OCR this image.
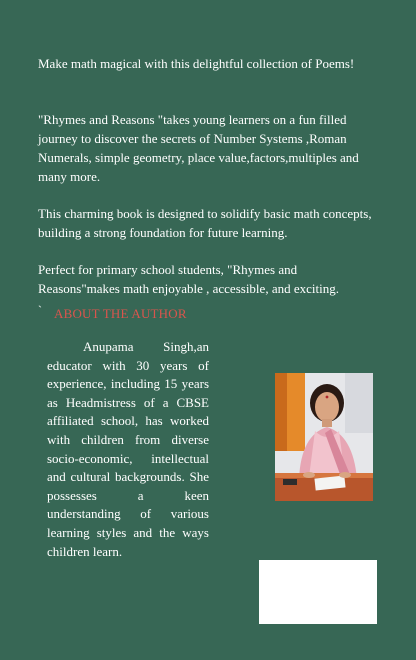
Make math magical with this delightful collection of Poems!

"Rhymes and Reasons "takes young learners on a fun filled journey to discover the secrets of Number Systems ,Roman Numerals, simple geometry, place value,factors,multiples and many more.

This charming book is designed to solidify basic math concepts, building a strong foundation for future learning.

Perfect for primary school students, "Rhymes and Reasons"makes math enjoyable , accessible, and exciting.

` ABOUT THE AUTHOR

Anupama Singh,an educator with 30 years of experience, including 15 years as Headmistress of a CBSE affiliated school, has worked with children from diverse socio-economic, intellectual and cultural backgrounds. She possesses a keen understanding of various learning styles and the ways children learn.
